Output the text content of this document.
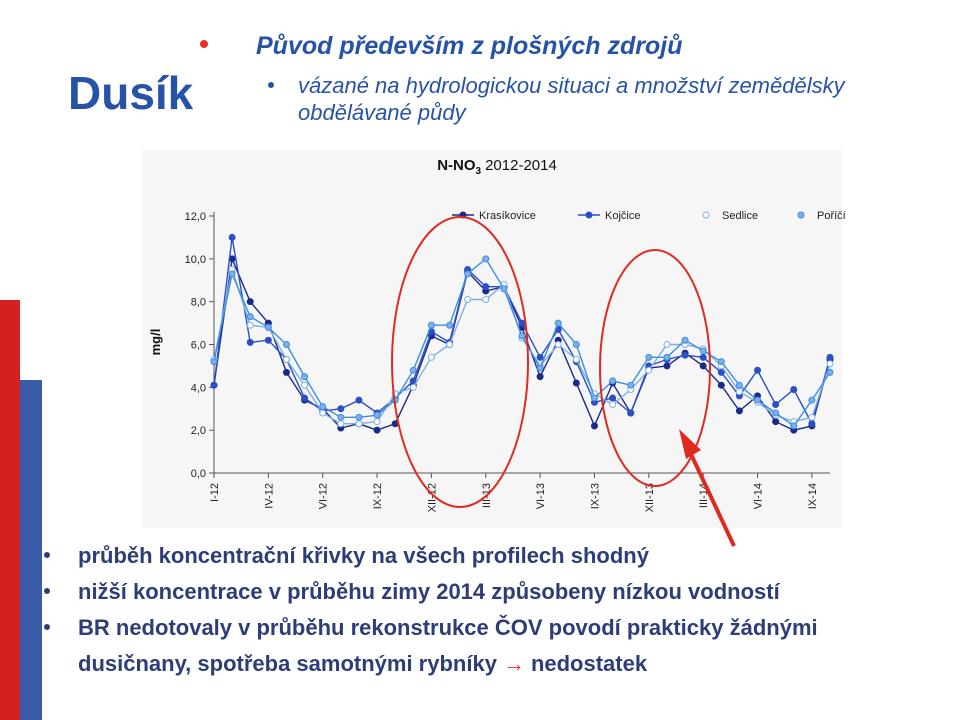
Dusík
Původ především z plošných zdrojů
vázané na hydrologickou situaci a množství zemědělsky obdělávané půdy
$N-NO_3$ 2012-2014
mg/l
0,0
2,0
4,0
6,0
8,0
10,0
12,0
I-12	IV-12	VI-12	IX-12	XII-12	III-13	VI-13	IX-13	XII-13	III-14	VI-14	IX-14
Krasíkovice	Kojčice	Sedlice	Poříčí
průběh koncentrační křivky na všech profilech shodný
nižší koncentrace v průběhu zimy 2014 způsobeny nízkou vodností
BR nedotovaly v průběhu rekonstrukce ČOV povodí prakticky žádnými
dusičnany, spotřeba samotnými rybníky → nedostatek
